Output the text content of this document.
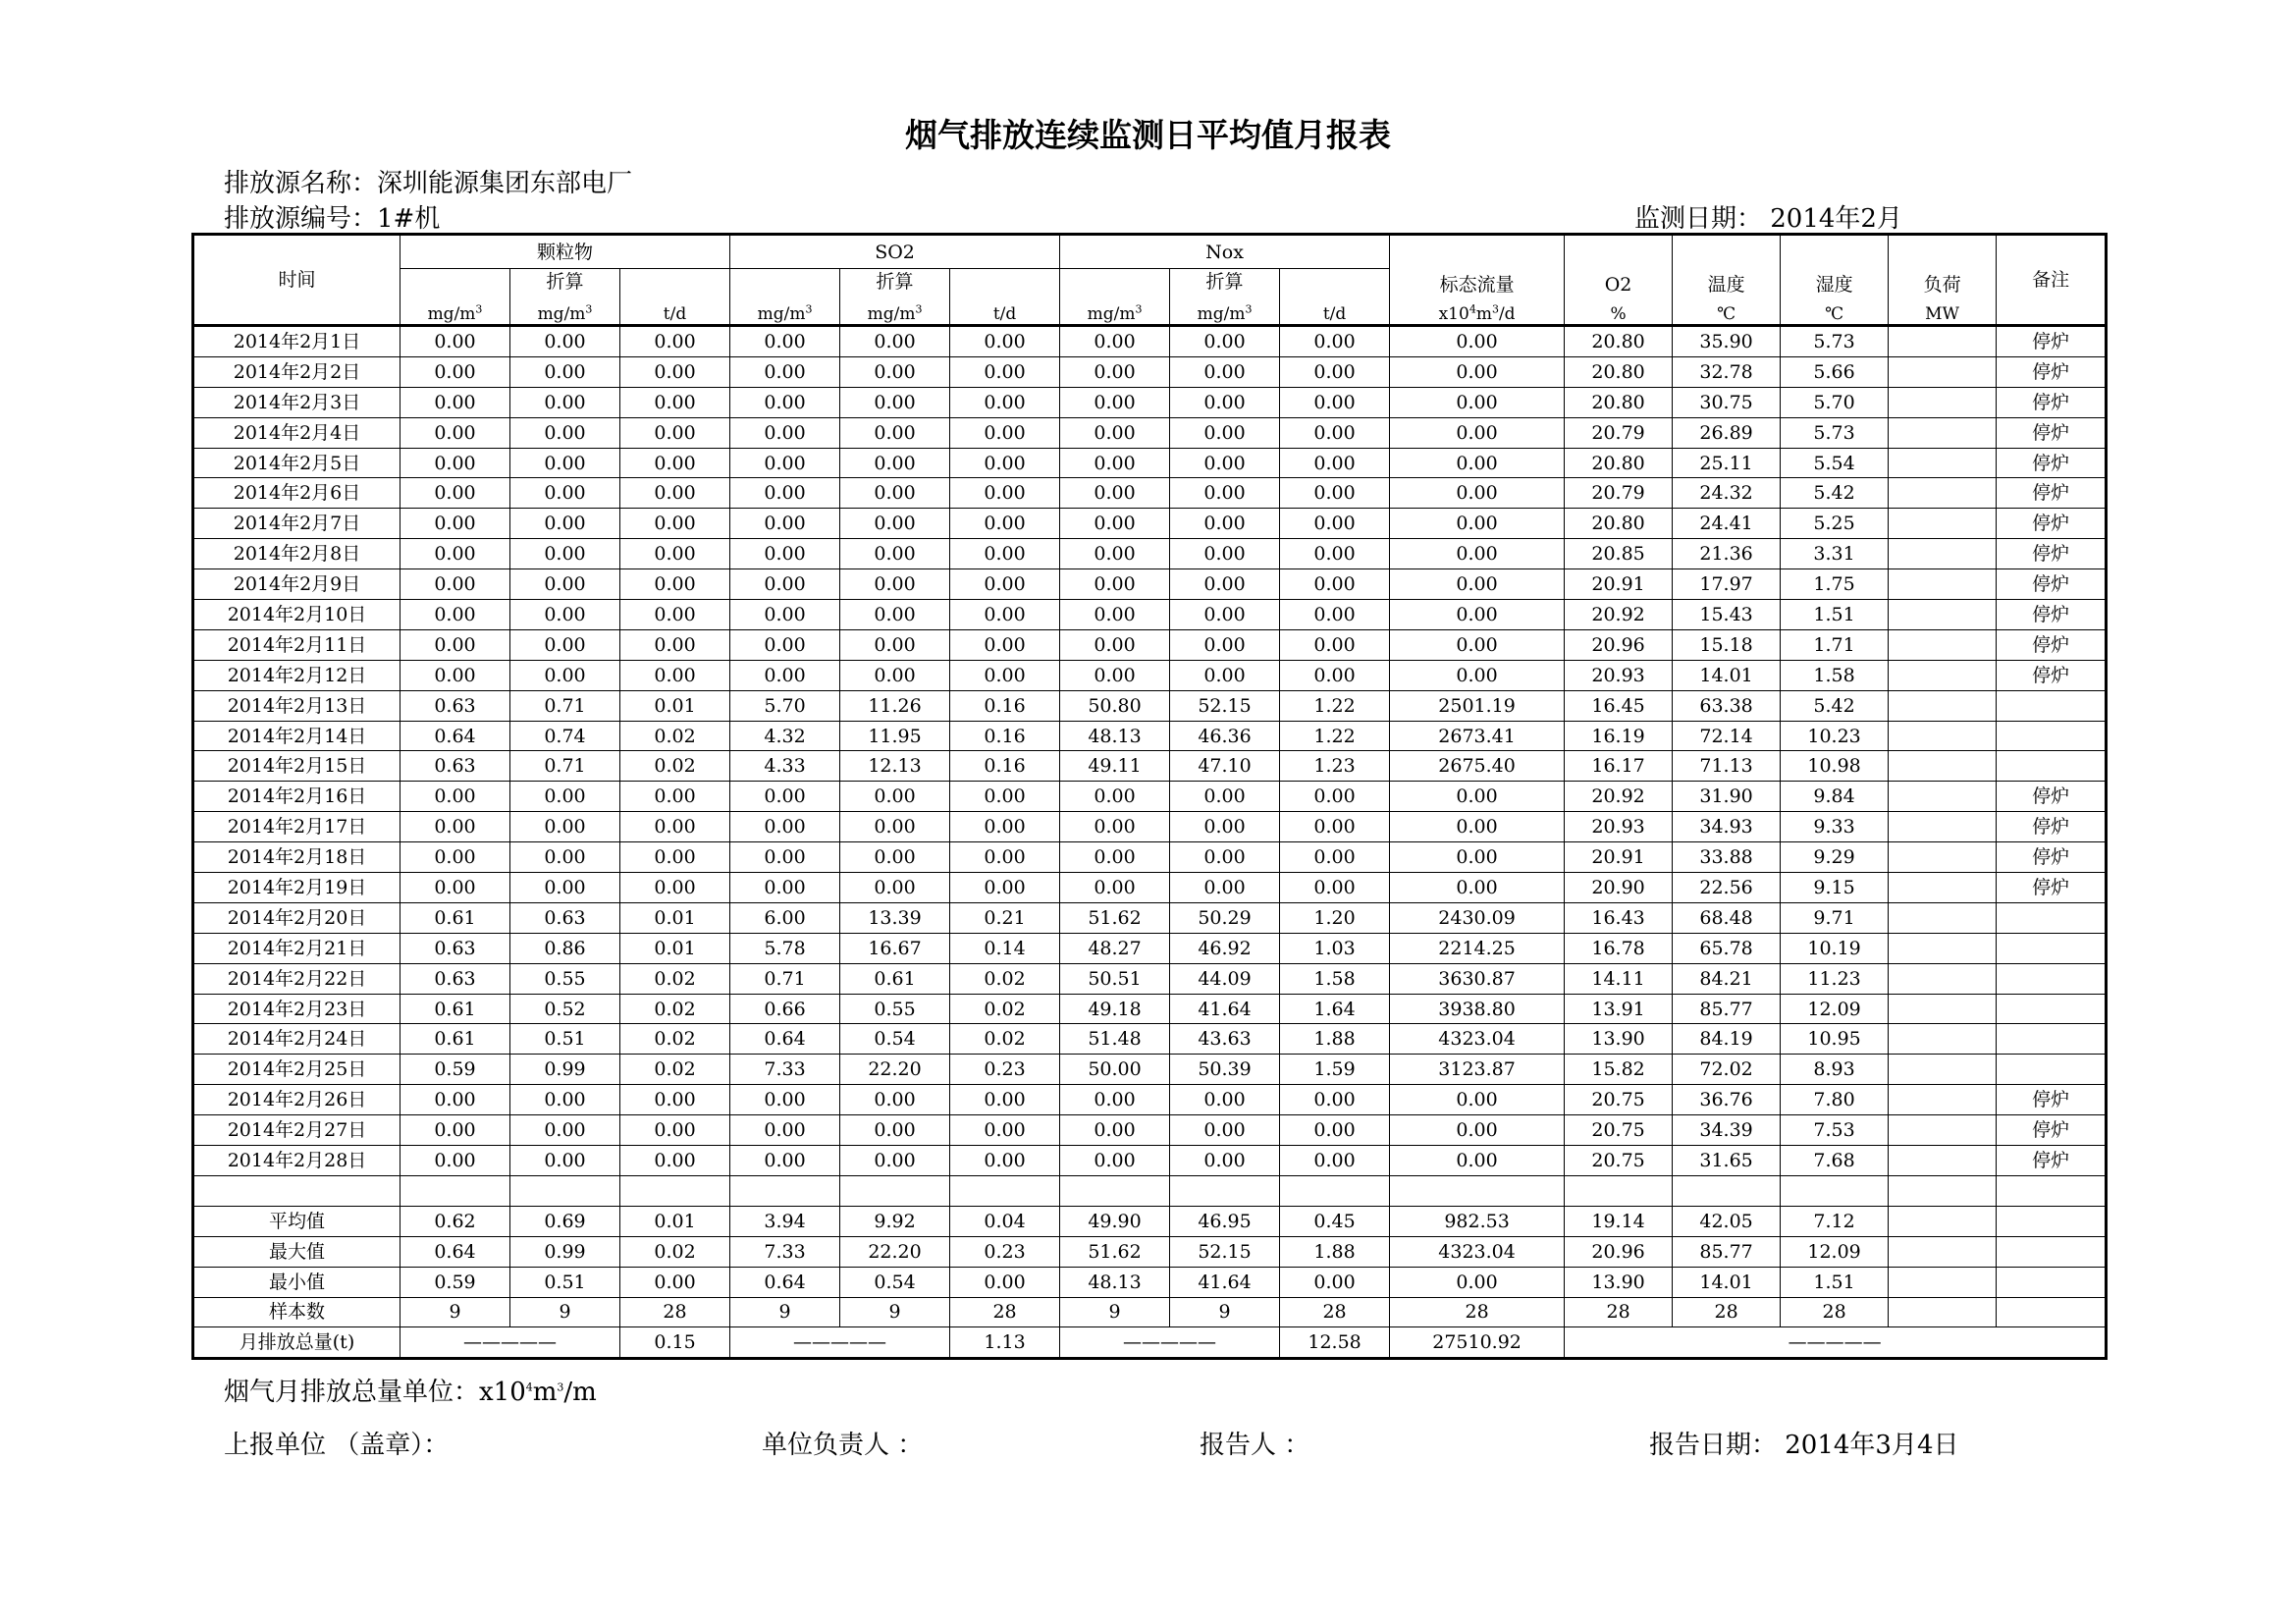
烟气排放连续监测日平均值月报表
排放源名称：深圳能源集团东部电厂
排放源编号：1#机	监测日期： 2014年2月
时间	颗粒物			SO2			Nox			标态流量	O2	温度	湿度	负荷	备注
		折算			折算			折算							
	$mg/m^3$	$mg/m^3$	t/d	$mg/m^3$	$mg/m^3$	t/d	$mg/m^3$	$mg/m^3$	t/d	$x10^4m^3/d$	%	℃	℃	MW	
2014年2月1日	0.00	0.00	0.00	0.00	0.00	0.00	0.00	0.00	0.00	0.00	20.80	35.90	5.73		停炉
2014年2月2日	0.00	0.00	0.00	0.00	0.00	0.00	0.00	0.00	0.00	0.00	20.80	32.78	5.66		停炉
2014年2月3日	0.00	0.00	0.00	0.00	0.00	0.00	0.00	0.00	0.00	0.00	20.80	30.75	5.70		停炉
2014年2月4日	0.00	0.00	0.00	0.00	0.00	0.00	0.00	0.00	0.00	0.00	20.79	26.89	5.73		停炉
2014年2月5日	0.00	0.00	0.00	0.00	0.00	0.00	0.00	0.00	0.00	0.00	20.80	25.11	5.54		停炉
2014年2月6日	0.00	0.00	0.00	0.00	0.00	0.00	0.00	0.00	0.00	0.00	20.79	24.32	5.42		停炉
2014年2月7日	0.00	0.00	0.00	0.00	0.00	0.00	0.00	0.00	0.00	0.00	20.80	24.41	5.25		停炉
2014年2月8日	0.00	0.00	0.00	0.00	0.00	0.00	0.00	0.00	0.00	0.00	20.85	21.36	3.31		停炉
2014年2月9日	0.00	0.00	0.00	0.00	0.00	0.00	0.00	0.00	0.00	0.00	20.91	17.97	1.75		停炉
2014年2月10日	0.00	0.00	0.00	0.00	0.00	0.00	0.00	0.00	0.00	0.00	20.92	15.43	1.51		停炉
2014年2月11日	0.00	0.00	0.00	0.00	0.00	0.00	0.00	0.00	0.00	0.00	20.96	15.18	1.71		停炉
2014年2月12日	0.00	0.00	0.00	0.00	0.00	0.00	0.00	0.00	0.00	0.00	20.93	14.01	1.58		停炉
2014年2月13日	0.63	0.71	0.01	5.70	11.26	0.16	50.80	52.15	1.22	2501.19	16.45	63.38	5.42		
2014年2月14日	0.64	0.74	0.02	4.32	11.95	0.16	48.13	46.36	1.22	2673.41	16.19	72.14	10.23		
2014年2月15日	0.63	0.71	0.02	4.33	12.13	0.16	49.11	47.10	1.23	2675.40	16.17	71.13	10.98		
2014年2月16日	0.00	0.00	0.00	0.00	0.00	0.00	0.00	0.00	0.00	0.00	20.92	31.90	9.84		停炉
2014年2月17日	0.00	0.00	0.00	0.00	0.00	0.00	0.00	0.00	0.00	0.00	20.93	34.93	9.33		停炉
2014年2月18日	0.00	0.00	0.00	0.00	0.00	0.00	0.00	0.00	0.00	0.00	20.91	33.88	9.29		停炉
2014年2月19日	0.00	0.00	0.00	0.00	0.00	0.00	0.00	0.00	0.00	0.00	20.90	22.56	9.15		停炉
2014年2月20日	0.61	0.63	0.01	6.00	13.39	0.21	51.62	50.29	1.20	2430.09	16.43	68.48	9.71		
2014年2月21日	0.63	0.86	0.01	5.78	16.67	0.14	48.27	46.92	1.03	2214.25	16.78	65.78	10.19		
2014年2月22日	0.63	0.55	0.02	0.71	0.61	0.02	50.51	44.09	1.58	3630.87	14.11	84.21	11.23		
2014年2月23日	0.61	0.52	0.02	0.66	0.55	0.02	49.18	41.64	1.64	3938.80	13.91	85.77	12.09		
2014年2月24日	0.61	0.51	0.02	0.64	0.54	0.02	51.48	43.63	1.88	4323.04	13.90	84.19	10.95		
2014年2月25日	0.59	0.99	0.02	7.33	22.20	0.23	50.00	50.39	1.59	3123.87	15.82	72.02	8.93		
2014年2月26日	0.00	0.00	0.00	0.00	0.00	0.00	0.00	0.00	0.00	0.00	20.75	36.76	7.80		停炉
2014年2月27日	0.00	0.00	0.00	0.00	0.00	0.00	0.00	0.00	0.00	0.00	20.75	34.39	7.53		停炉
2014年2月28日	0.00	0.00	0.00	0.00	0.00	0.00	0.00	0.00	0.00	0.00	20.75	31.65	7.68		停炉

平均值	0.62	0.69	0.01	3.94	9.92	0.04	49.90	46.95	0.45	982.53	19.14	42.05	7.12		
最大值	0.64	0.99	0.02	7.33	22.20	0.23	51.62	52.15	1.88	4323.04	20.96	85.77	12.09		
最小值	0.59	0.51	0.00	0.64	0.54	0.00	48.13	41.64	0.00	0.00	13.90	14.01	1.51		
样本数	9	9	28	9	9	28	9	9	28	28	28	28	28		
月排放总量(t)	—————		0.15	—————		1.13	—————		12.58	27510.92	—————				
烟气月排放总量单位：$x10^4m^3/m$
上报单位 （盖章）：	单位负责人 ：	报告人 ：	报告日期： 2014年3月4日
